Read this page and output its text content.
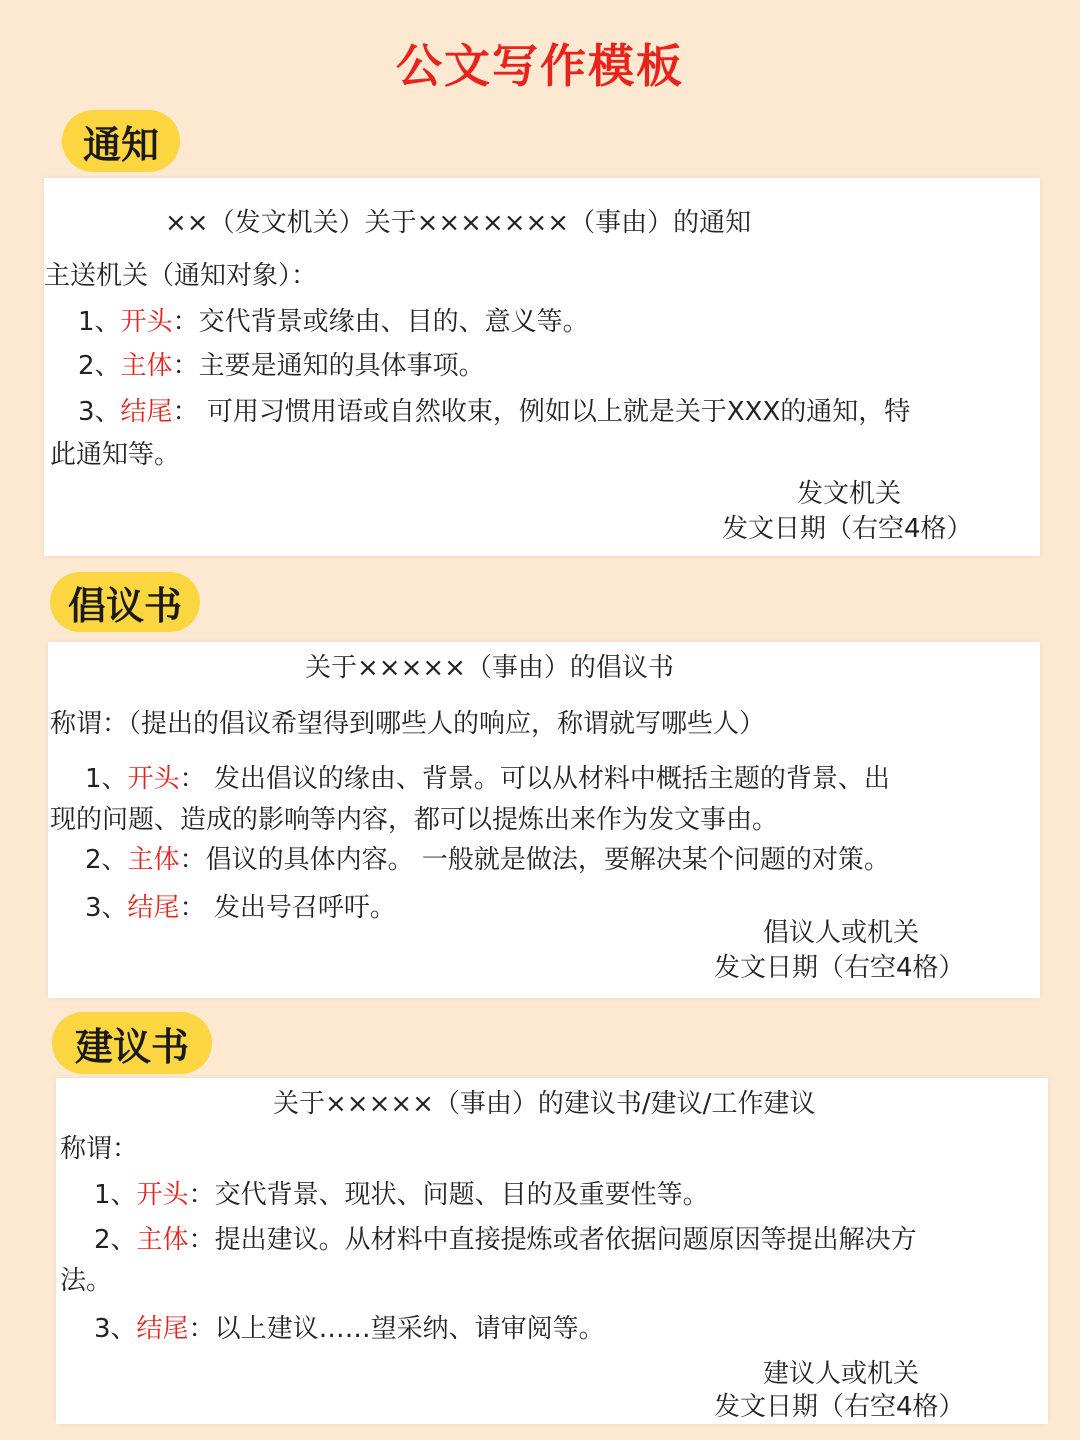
公文写作模板
通知
××（发文机关）关于×××××××（事由）的通知
主送机关（通知对象）：
1、开头：交代背景或缘由、目的、意义等。
2、主体：主要是通知的具体事项。
3、结尾： 可用习惯用语或自然收束，例如以上就是关于XXX的通知，特
此通知等。
发文机关
发文日期（右空4格）
倡议书
关于×××××（事由）的倡议书
称谓：（提出的倡议希望得到哪些人的响应，称谓就写哪些人）
1、开头： 发出倡议的缘由、背景。可以从材料中概括主题的背景、出
现的问题、造成的影响等内容，都可以提炼出来作为发文事由。
2、主体：倡议的具体内容。 一般就是做法，要解决某个问题的对策。
3、结尾： 发出号召呼吁。
倡议人或机关
发文日期（右空4格）
建议书
关于×××××（事由）的建议书/建议/工作建议
称谓：
1、开头：交代背景、现状、问题、目的及重要性等。
2、主体：提出建议。从材料中直接提炼或者依据问题原因等提出解决方
法。
3、结尾：以上建议……望采纳、请审阅等。
建议人或机关
发文日期（右空4格）
